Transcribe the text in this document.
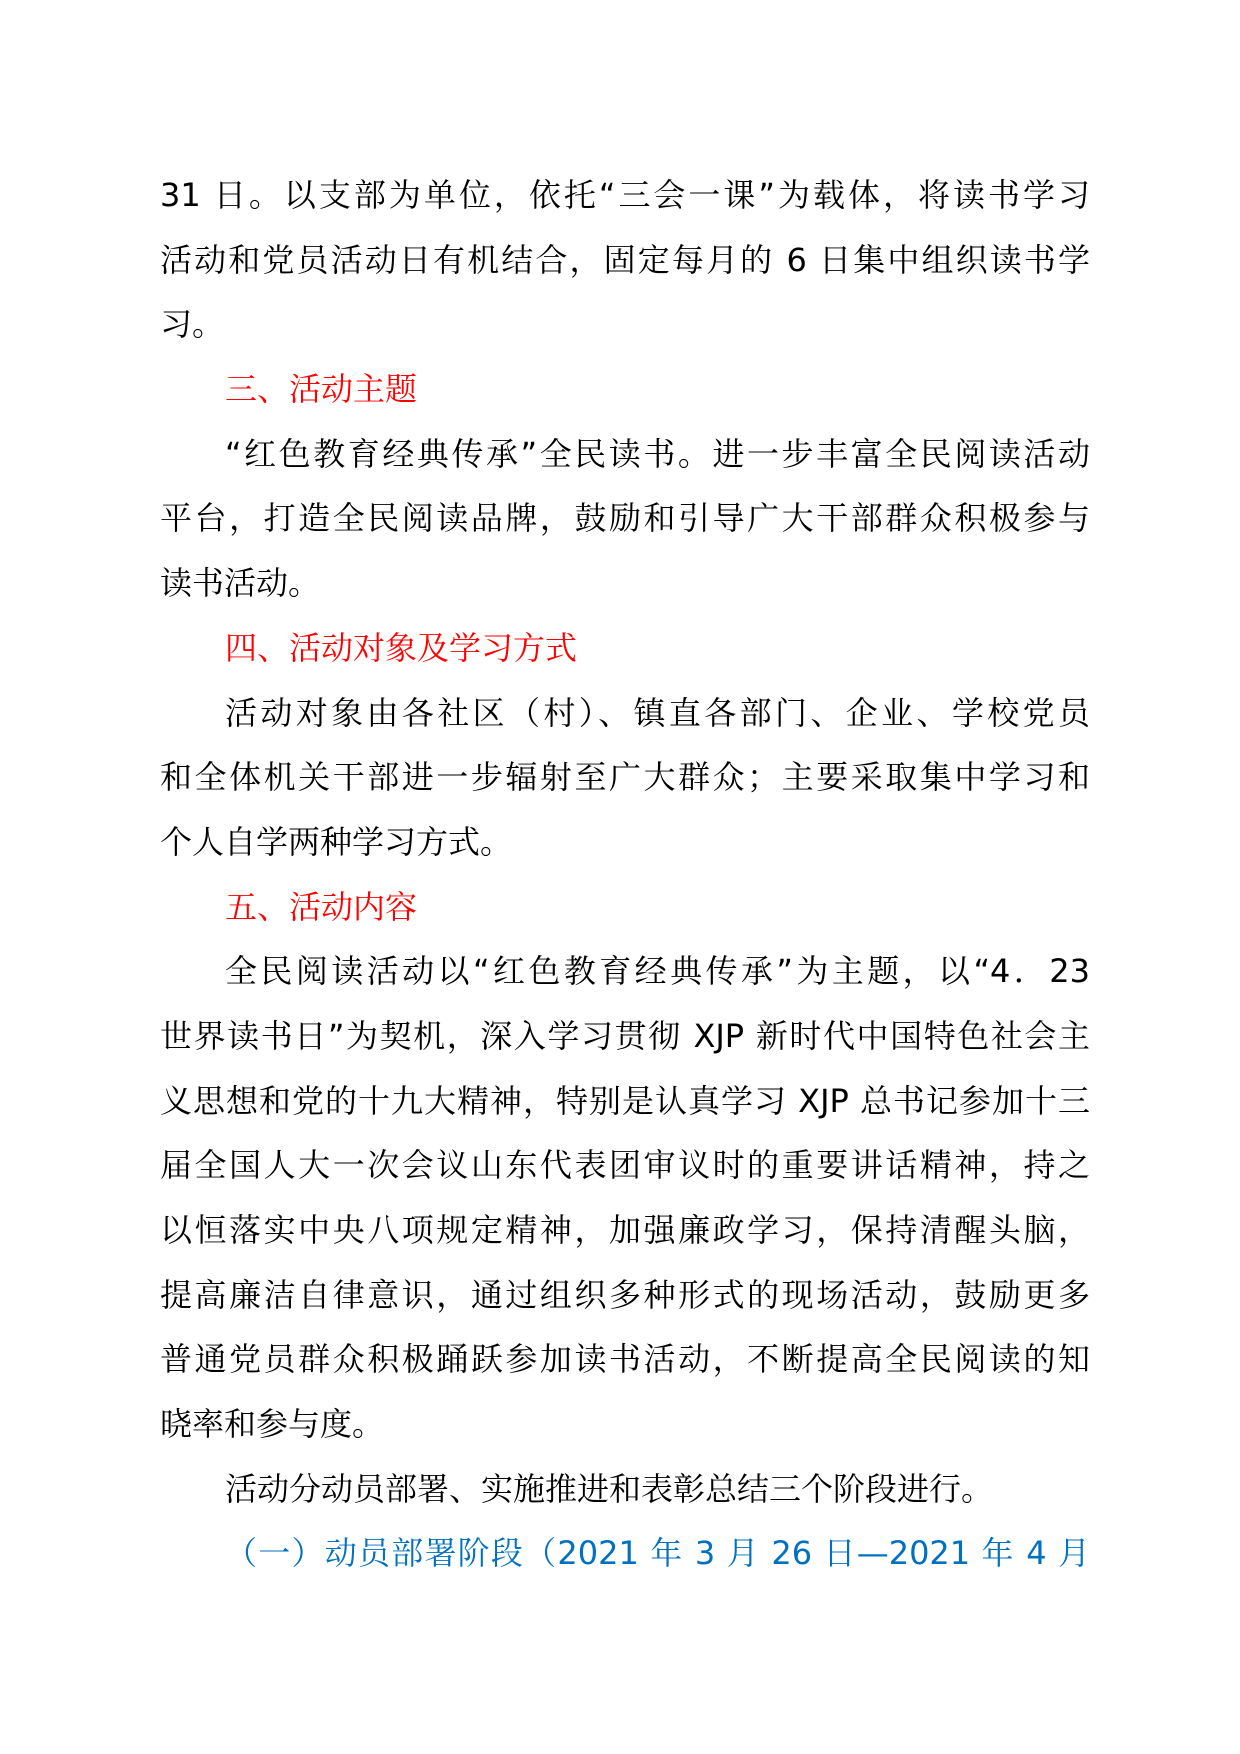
31 日。以支部为单位，依托“三会一课”为载体，将读书学习
活动和党员活动日有机结合，固定每月的 6 日集中组织读书学
习。
三、活动主题
“红色教育经典传承”全民读书。进一步丰富全民阅读活动
平台，打造全民阅读品牌，鼓励和引导广大干部群众积极参与
读书活动。
四、活动对象及学习方式
活动对象由各社区（村）、镇直各部门、企业、学校党员
和全体机关干部进一步辐射至广大群众；主要采取集中学习和
个人自学两种学习方式。
五、活动内容
全民阅读活动以“红色教育经典传承”为主题，以“4．23
世界读书日”为契机，深入学习贯彻 XJP 新时代中国特色社会主
义思想和党的十九大精神，特别是认真学习 XJP 总书记参加十三
届全国人大一次会议山东代表团审议时的重要讲话精神，持之
以恒落实中央八项规定精神，加强廉政学习，保持清醒头脑，
提高廉洁自律意识，通过组织多种形式的现场活动，鼓励更多
普通党员群众积极踊跃参加读书活动，不断提高全民阅读的知
晓率和参与度。
活动分动员部署、实施推进和表彰总结三个阶段进行。
（一）动员部署阶段（2021 年 3 月 26 日—2021 年 4 月
